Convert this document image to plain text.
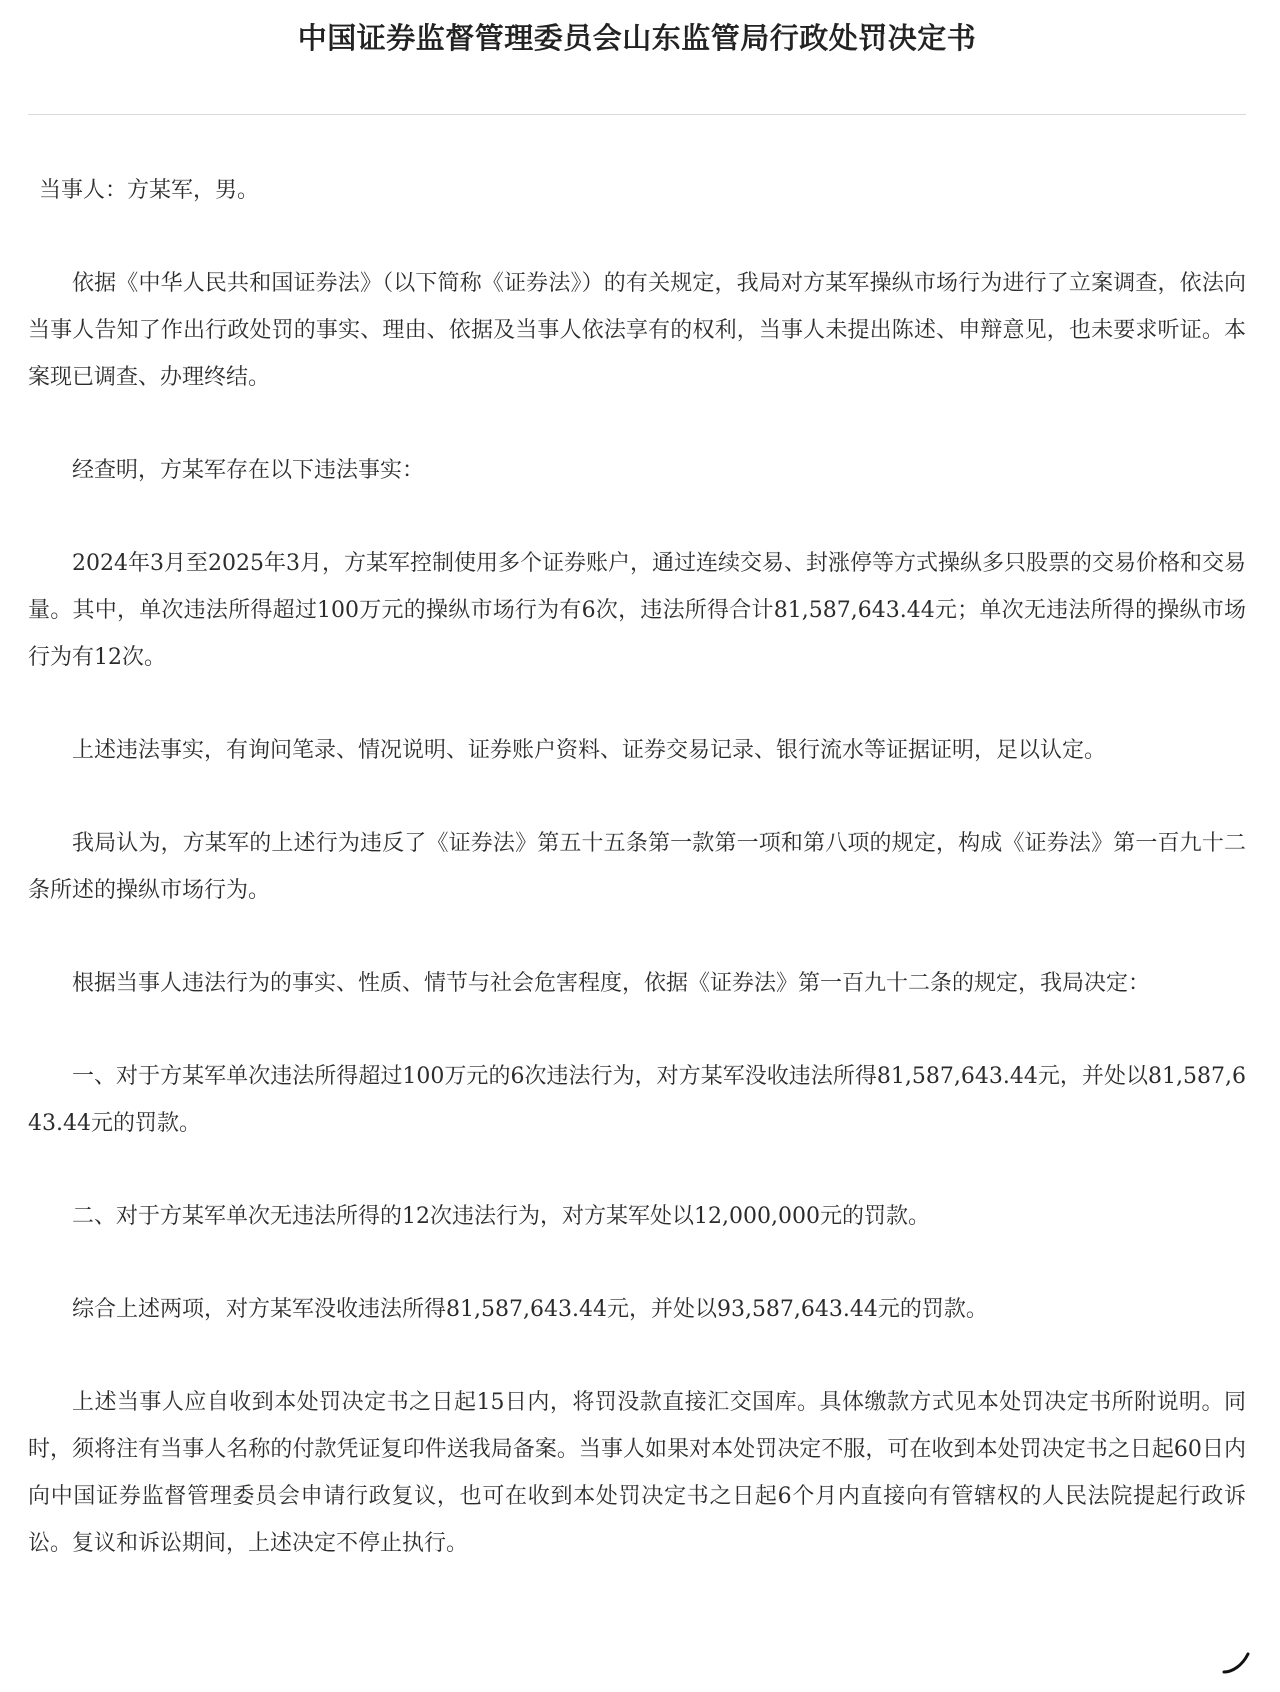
中国证券监督管理委员会山东监管局行政处罚决定书

当事人：方某军，男。

依据《中华人民共和国证券法》（以下简称《证券法》）的有关规定，我局对方某军操纵市场行为进行了立案调查，依法向当事人告知了作出行政处罚的事实、理由、依据及当事人依法享有的权利，当事人未提出陈述、申辩意见，也未要求听证。本案现已调查、办理终结。

经查明，方某军存在以下违法事实：

2024年3月至2025年3月，方某军控制使用多个证券账户，通过连续交易、封涨停等方式操纵多只股票的交易价格和交易量。其中，单次违法所得超过100万元的操纵市场行为有6次，违法所得合计81,587,643.44元；单次无违法所得的操纵市场行为有12次。

上述违法事实，有询问笔录、情况说明、证券账户资料、证券交易记录、银行流水等证据证明，足以认定。

我局认为，方某军的上述行为违反了《证券法》第五十五条第一款第一项和第八项的规定，构成《证券法》第一百九十二条所述的操纵市场行为。

根据当事人违法行为的事实、性质、情节与社会危害程度，依据《证券法》第一百九十二条的规定，我局决定：

一、对于方某军单次违法所得超过100万元的6次违法行为，对方某军没收违法所得81,587,643.44元，并处以81,587,643.44元的罚款。

二、对于方某军单次无违法所得的12次违法行为，对方某军处以12,000,000元的罚款。

综合上述两项，对方某军没收违法所得81,587,643.44元，并处以93,587,643.44元的罚款。

上述当事人应自收到本处罚决定书之日起15日内，将罚没款直接汇交国库。具体缴款方式见本处罚决定书所附说明。同时，须将注有当事人名称的付款凭证复印件送我局备案。当事人如果对本处罚决定不服，可在收到本处罚决定书之日起60日内向中国证券监督管理委员会申请行政复议，也可在收到本处罚决定书之日起6个月内直接向有管辖权的人民法院提起行政诉讼。复议和诉讼期间，上述决定不停止执行。
